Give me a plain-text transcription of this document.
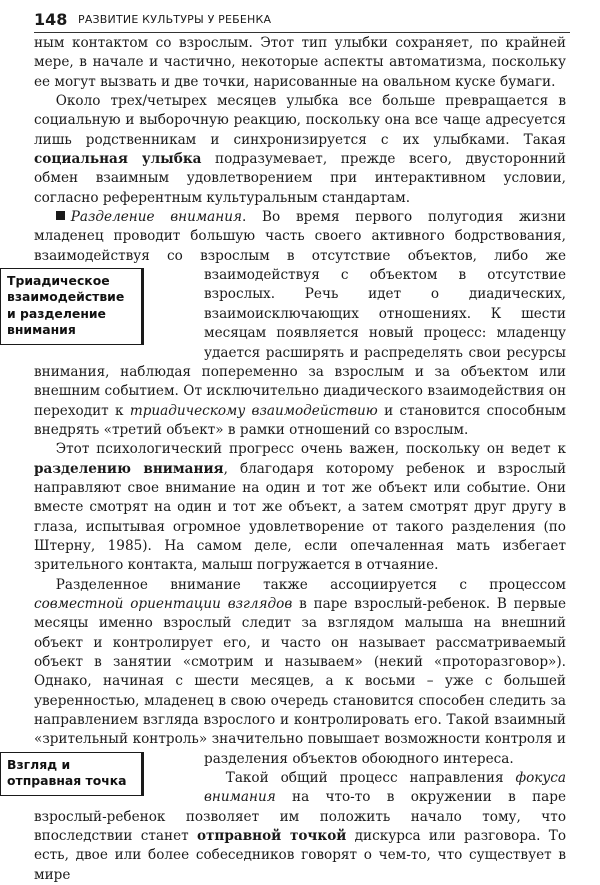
148 РАЗВИТИЕ КУЛЬТУРЫ У РЕБЕНКА

ным контактом со взрослым. Этот тип улыбки сохраняет, по крайней мере, в начале и частично, некоторые аспекты автоматизма, поскольку ее могут вызвать и две точки, нарисованные на овальном куске бумаги.

Около трех/четырех месяцев улыбка все больше превращается в социальную и выборочную реакцию, поскольку она все чаще адресуется лишь родственникам и синхронизируется с их улыбками. Такая социальная улыбка подразумевает, прежде всего, двусторонний обмен взаимным удовлетворением при интерактивном условии, согласно референтным культуральным стандартам.

Разделение внимания. Во время первого полугодия жизни младенец проводит большую часть своего активного бодрствования, взаимодействуя со взрослым в отсутствие объектов, либо же взаимодействуя с объектом в отсутствие взрослых. Речь идет о диадических, взаимоисключающих отношениях. К шести месяцам появляется новый процесс: младенцу удается расширять и распределять свои ресурсы внимания, наблюдая попеременно за взрослым и за объектом или внешним событием. От исключительно диадического взаимодействия он переходит к триадическому взаимодействию и становится способным внедрять «третий объект» в рамки отношений со взрослым.

Этот психологический прогресс очень важен, поскольку он ведет к разделению внимания, благодаря которому ребенок и взрослый направляют свое внимание на один и тот же объект или событие. Они вместе смотрят на один и тот же объект, а затем смотрят друг другу в глаза, испытывая огромное удовлетворение от такого разделения (по Штерну, 1985). На самом деле, если опечаленная мать избегает зрительного контакта, малыш погружается в отчаяние.

Разделенное внимание также ассоциируется с процессом совместной ориентации взглядов в паре взрослый-ребенок. В первые месяцы именно взрослый следит за взглядом малыша на внешний объект и контролирует его, и часто он называет рассматриваемый объект в занятии «смотрим и называем» (некий «проторазговор»). Однако, начиная с шести месяцев, а к восьми – уже с большей уверенностью, младенец в свою очередь становится способен следить за направлением взгляда взрослого и контролировать его. Такой взаимный «зрительный контроль» значительно повышает возможности контроля и разделения объектов обоюдного интереса.

Такой общий процесс направления фокуса внимания на что-то в окружении в паре взрослый-ребенок позволяет им положить начало тому, что впоследствии станет отправной точкой дискурса или разговора. То есть, двое или более собеседников говорят о чем-то, что существует в мире

Триадическое взаимодействие и разделение внимания
Взгляд и отправная точка
